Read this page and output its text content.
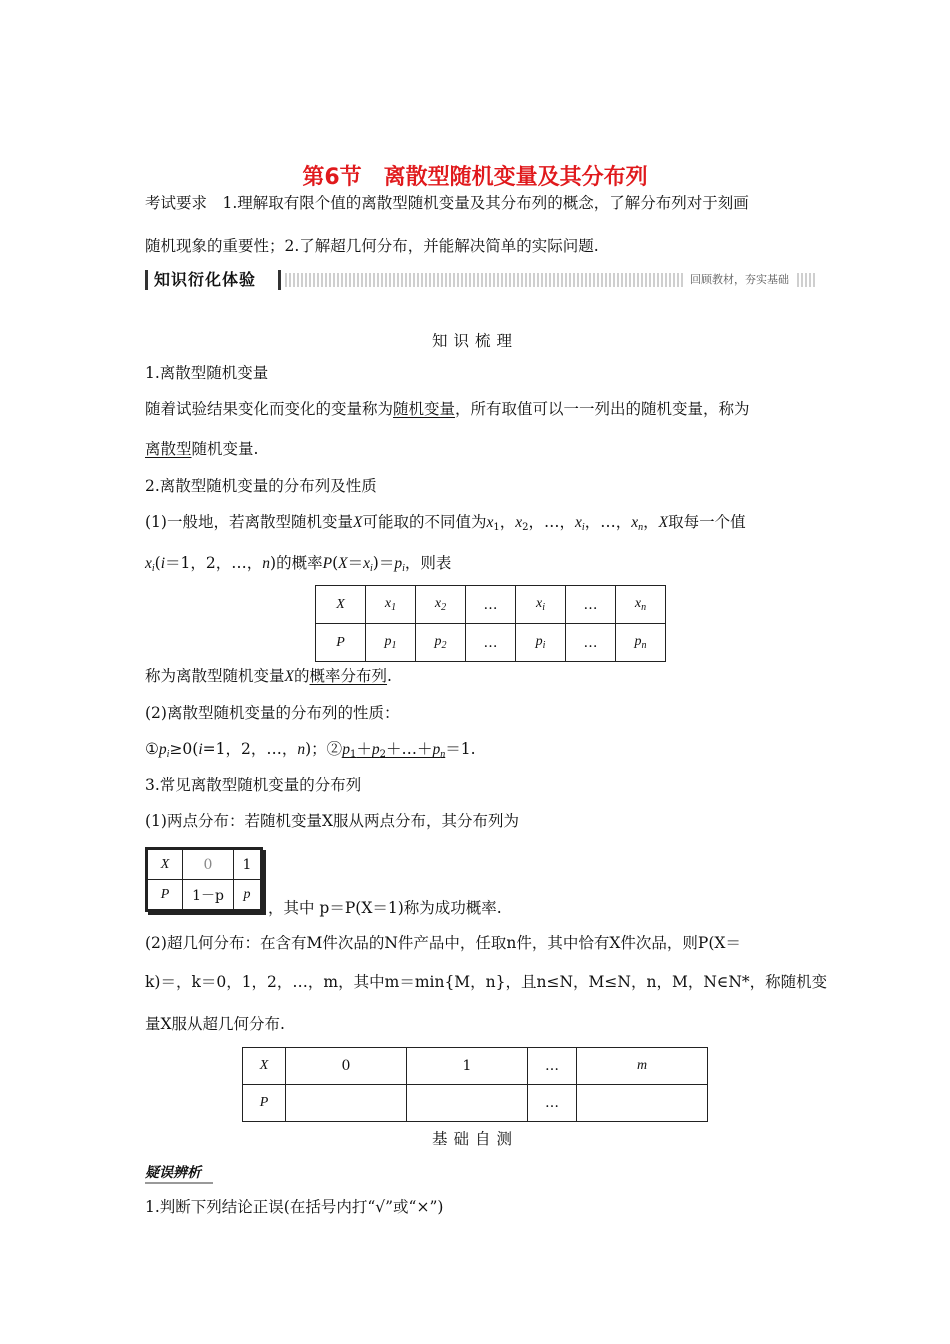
第6节　离散型随机变量及其分布列
考试要求　1.理解取有限个值的离散型随机变量及其分布列的概念，了解分布列对于刻画
随机现象的重要性；2.了解超几何分布，并能解决简单的实际问题.
知识衍化体验	回顾教材，夯实基础
知识梳理
1.离散型随机变量
随着试验结果变化而变化的变量称为随机变量，所有取值可以一一列出的随机变量，称为
离散型随机变量.
2.离散型随机变量的分布列及性质
(1)一般地，若离散型随机变量X可能取的不同值为$x_1$，$x_2$，…，$x_i$，…，$x_n$，X取每一个值
$x_i(i=1$，2，…，n)的概率$P(X=x_i)=p_i$，则表
X	$x_1$	$x_2$	…	$x_i$	…	$x_n$
P	$p_1$	$p_2$	…	$p_i$	…	$p_n$
称为离散型随机变量X的概率分布列.
(2)离散型随机变量的分布列的性质：
$①p_i\ge 0(i=1$，2，…，n)；$②p_1+p_2+\dots+p_n=1$.
3.常见离散型随机变量的分布列
(1)两点分布：若随机变量X服从两点分布，其分布列为
X	0	1
P	1－p	p
，其中 p＝P(X＝1)称为成功概率.
(2)超几何分布：在含有M件次品的N件产品中，任取n件，其中恰有X件次品，则P(X＝
k)＝，k＝0，1，2，…，m，其中m＝min{M，n}，且n≤N，M≤N，n，M，N∈N*，称随机变
量X服从超几何分布.
X	0	1	…	m
P			…	
基础自测
疑误辨析
1.判断下列结论正误(在括号内打“√”或“×”)
